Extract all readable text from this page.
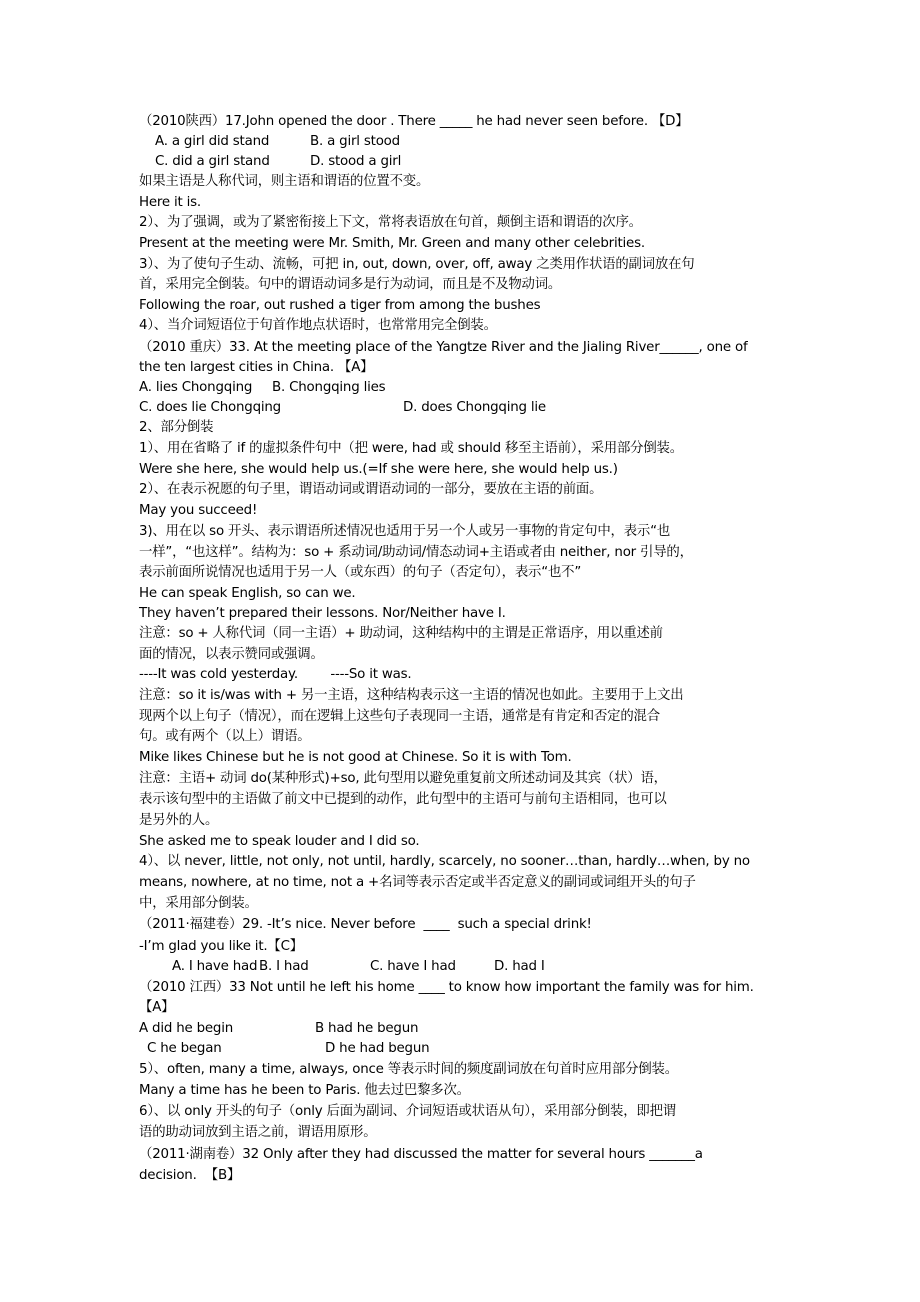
（2010陕西）17.John opened the door . There _____ he had never seen before. 【D】
A. a girl did stand	B. a girl stood
C. did a girl stand	D. stood a girl
如果主语是人称代词，则主语和谓语的位置不变。
Here it is.
2）、为了强调，或为了紧密衔接上下文，常将表语放在句首，颠倒主语和谓语的次序。
Present at the meeting were Mr. Smith, Mr. Green and many other celebrities.
3）、为了使句子生动、流畅，可把 in, out, down, over, off, away 之类用作状语的副词放在句
首，采用完全倒装。句中的谓语动词多是行为动词，而且是不及物动词。
Following the roar, out rushed a tiger from among the bushes
4）、当介词短语位于句首作地点状语时，也常常用完全倒装。
（2010 重庆）33. At the meeting place of the Yangtze River and the Jialing River______, one of
the ten largest cities in China. 【A】
A. lies Chongqing B. Chongqing lies
C. does lie Chongqing	D. does Chongqing lie
2、部分倒装
1）、用在省略了 if 的虚拟条件句中（把 were, had 或 should 移至主语前），采用部分倒装。
Were she here, she would help us.(=If she were here, she would help us.)
2）、在表示祝愿的句子里，谓语动词或谓语动词的一部分，要放在主语的前面。
May you succeed!
3)、用在以 so 开头、表示谓语所述情况也适用于另一个人或另一事物的肯定句中，表示“也
一样”，“也这样”。结构为：so + 系动词/助动词/情态动词+主语或者由 neither, nor 引导的，
表示前面所说情况也适用于另一人（或东西）的句子（否定句），表示“也不”
He can speak English, so can we.
They haven’t prepared their lessons. Nor/Neither have I.
注意：so + 人称代词（同一主语）+ 助动词，这种结构中的主谓是正常语序，用以重述前
面的情况，以表示赞同或强调。
----It was cold yesterday.        ----So it was.
注意：so it is/was with + 另一主语，这种结构表示这一主语的情况也如此。主要用于上文出
现两个以上句子（情况），而在逻辑上这些句子表现同一主语，通常是有肯定和否定的混合
句。或有两个（以上）谓语。
Mike likes Chinese but he is not good at Chinese. So it is with Tom.
注意：主语+ 动词 do(某种形式)+so, 此句型用以避免重复前文所述动词及其宾（状）语，
表示该句型中的主语做了前文中已提到的动作，此句型中的主语可与前句主语相同，也可以
是另外的人。
She asked me to speak louder and I did so.
4）、以 never, little, not only, not until, hardly, scarcely, no sooner…than, hardly…when, by no
means, nowhere, at no time, not a +名词等表示否定或半否定意义的副词或词组开头的句子
中，采用部分倒装。
（2011·福建卷）29. -It’s nice. Never before  ____  such a special drink!
-I’m glad you like it.【C】
A. I have had B. I had	C. have I had	D. had I
（2010 江西）33 Not until he left his home ____ to know how important the family was for him.
【A】
A did he begin	B had he begun
C he began	D he had begun
5）、often, many a time, always, once 等表示时间的频度副词放在句首时应用部分倒装。
Many a time has he been to Paris. 他去过巴黎多次。
6）、以 only 开头的句子（only 后面为副词、介词短语或状语从句），采用部分倒装，即把谓
语的助动词放到主语之前，谓语用原形。
（2011·湖南卷）32 Only after they had discussed the matter for several hours _______a
decision.  【B】
